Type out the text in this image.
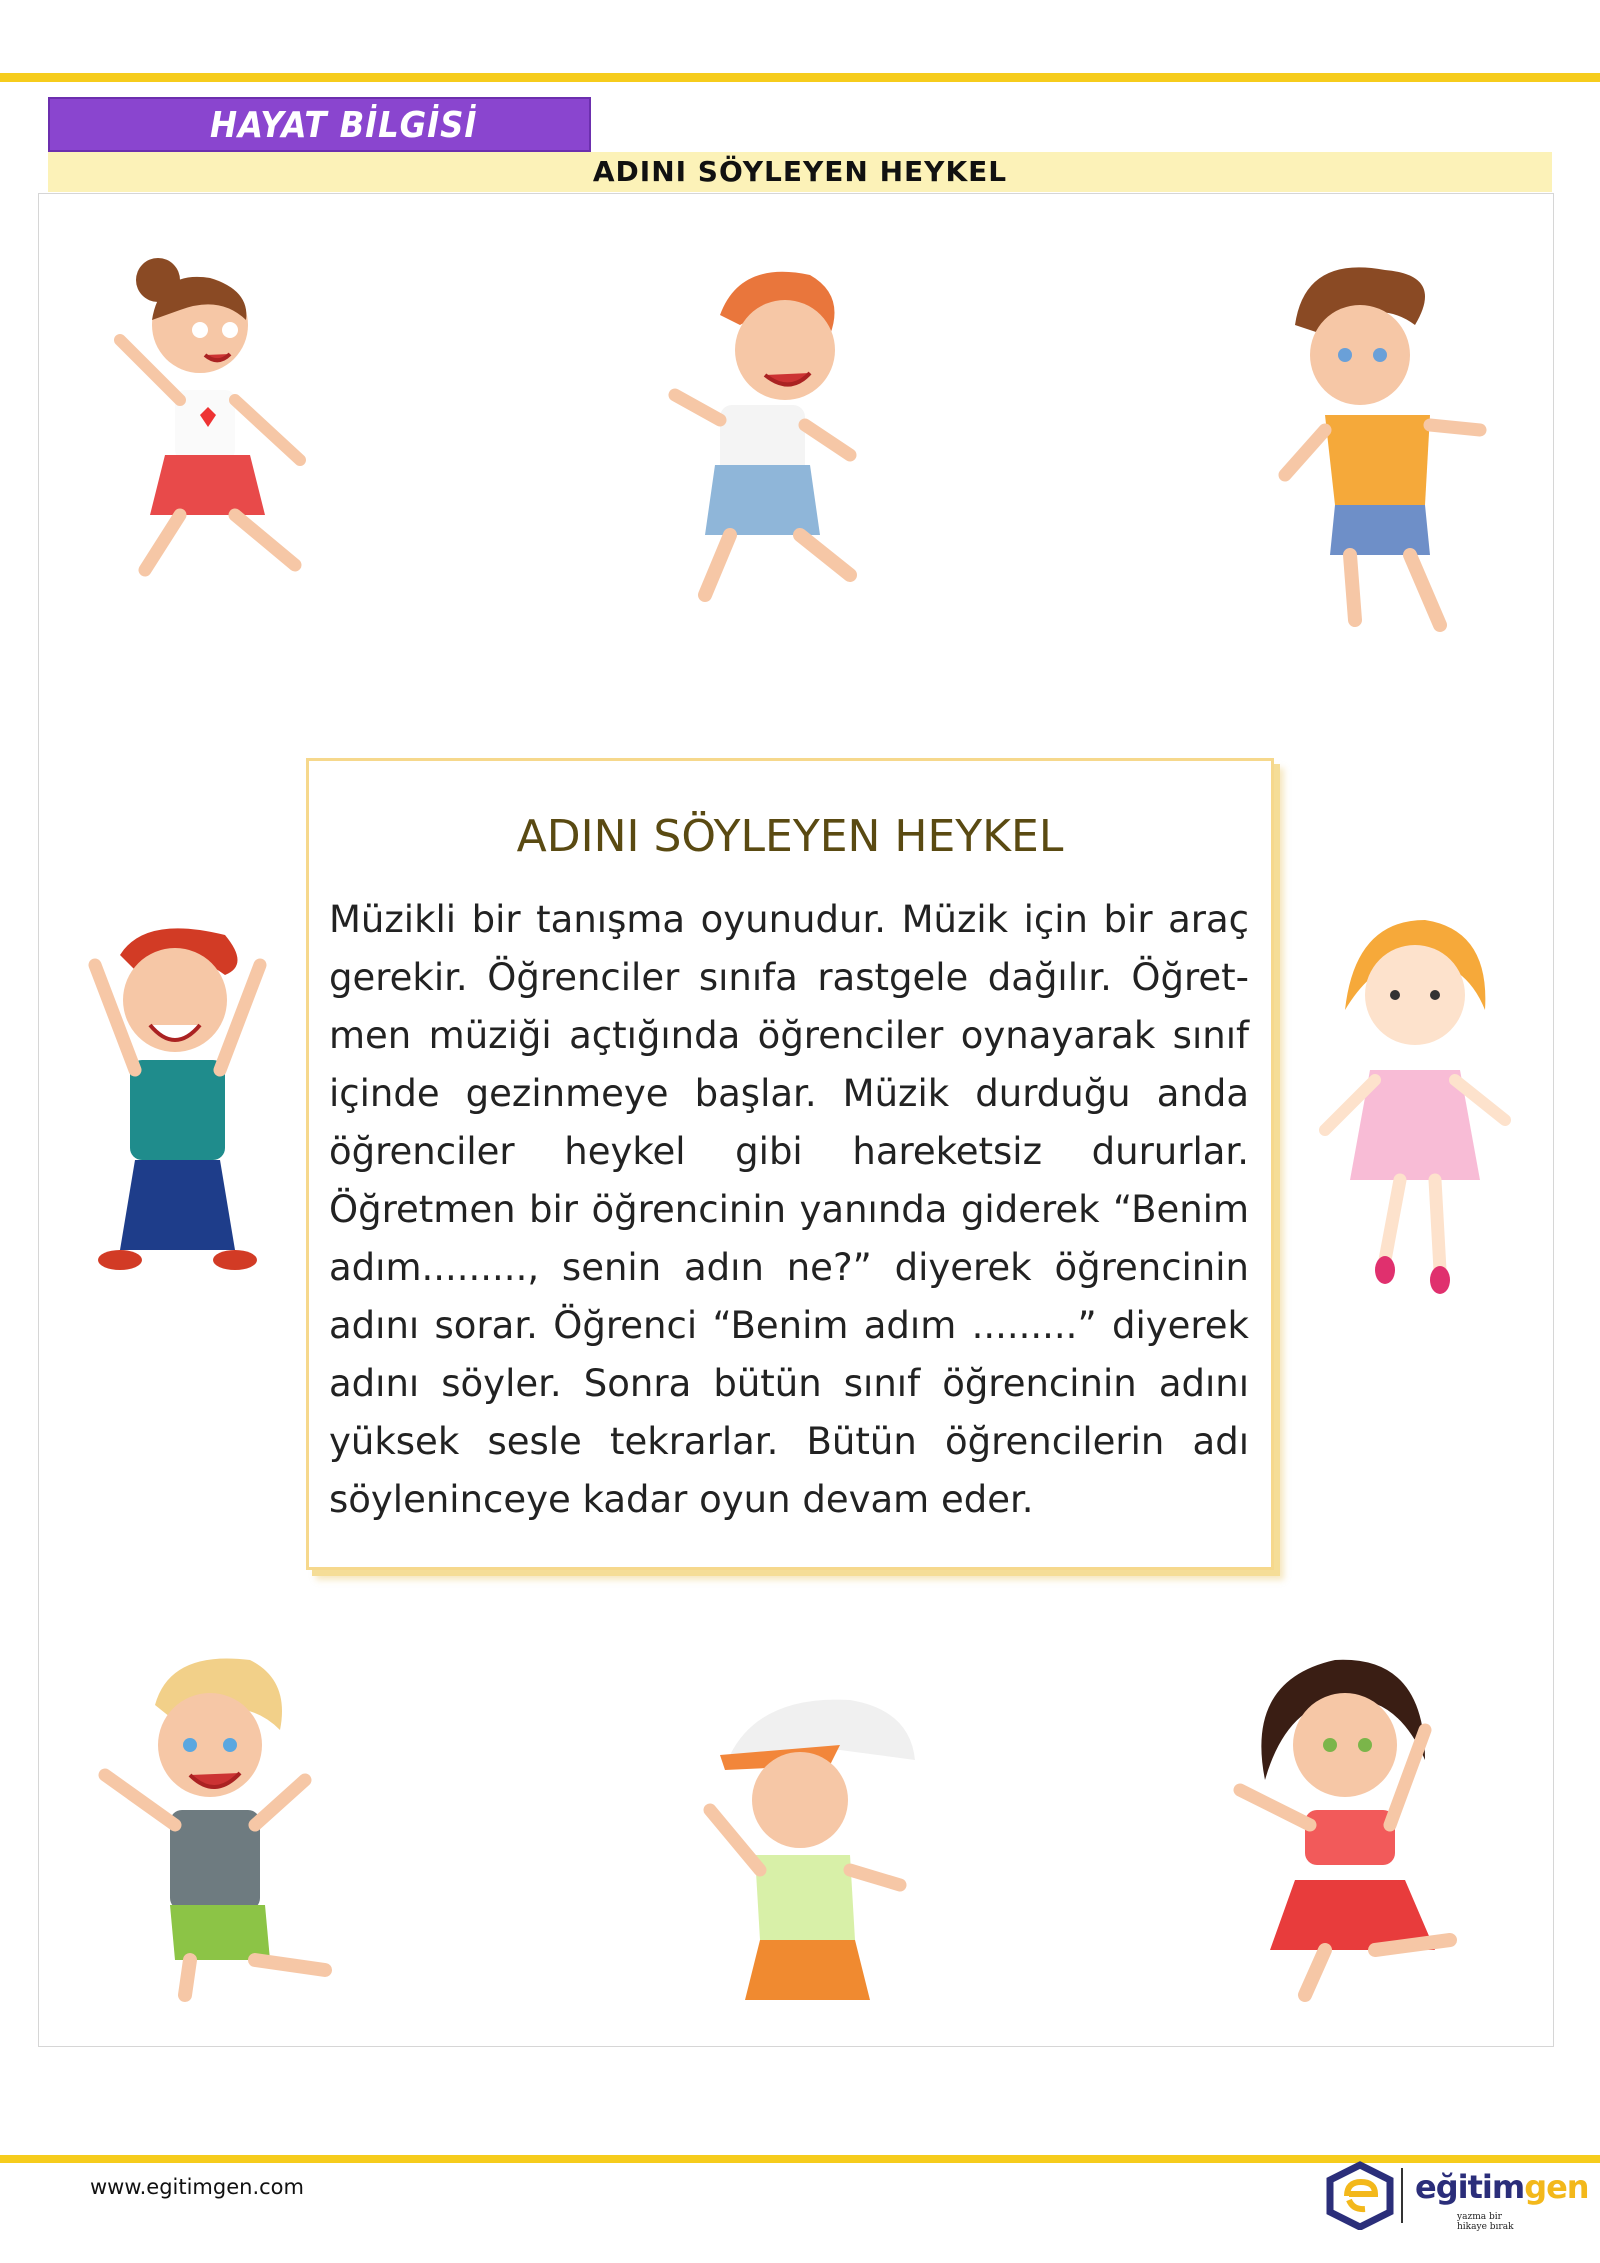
HAYAT BİLGİSİ
ADINI SÖYLEYEN HEYKEL
ADINI SÖYLEYEN HEYKEL
Müzikli bir tanışma oyunudur. Müzik için bir araç gerekir. Öğrenciler sınıfa rastgele dağılır. Öğret-men müziği açtığında öğrenciler oynayarak sınıf içinde gezinmeye başlar. Müzik durduğu anda öğrenciler heykel gibi hareketsiz dururlar. Öğretmen bir öğrencinin yanında giderek “Benim adım........., senin adın ne?” diyerek öğrencinin adını sorar. Öğrenci “Benim adım .........” diyerek adını söyler. Sonra bütün sınıf öğrencinin adını yüksek sesle tekrarlar. Bütün öğrencilerin adı söyleninceye kadar oyun devam eder.
www.egitimgen.com	eğitimgen
yazma bir hikaye bırak
